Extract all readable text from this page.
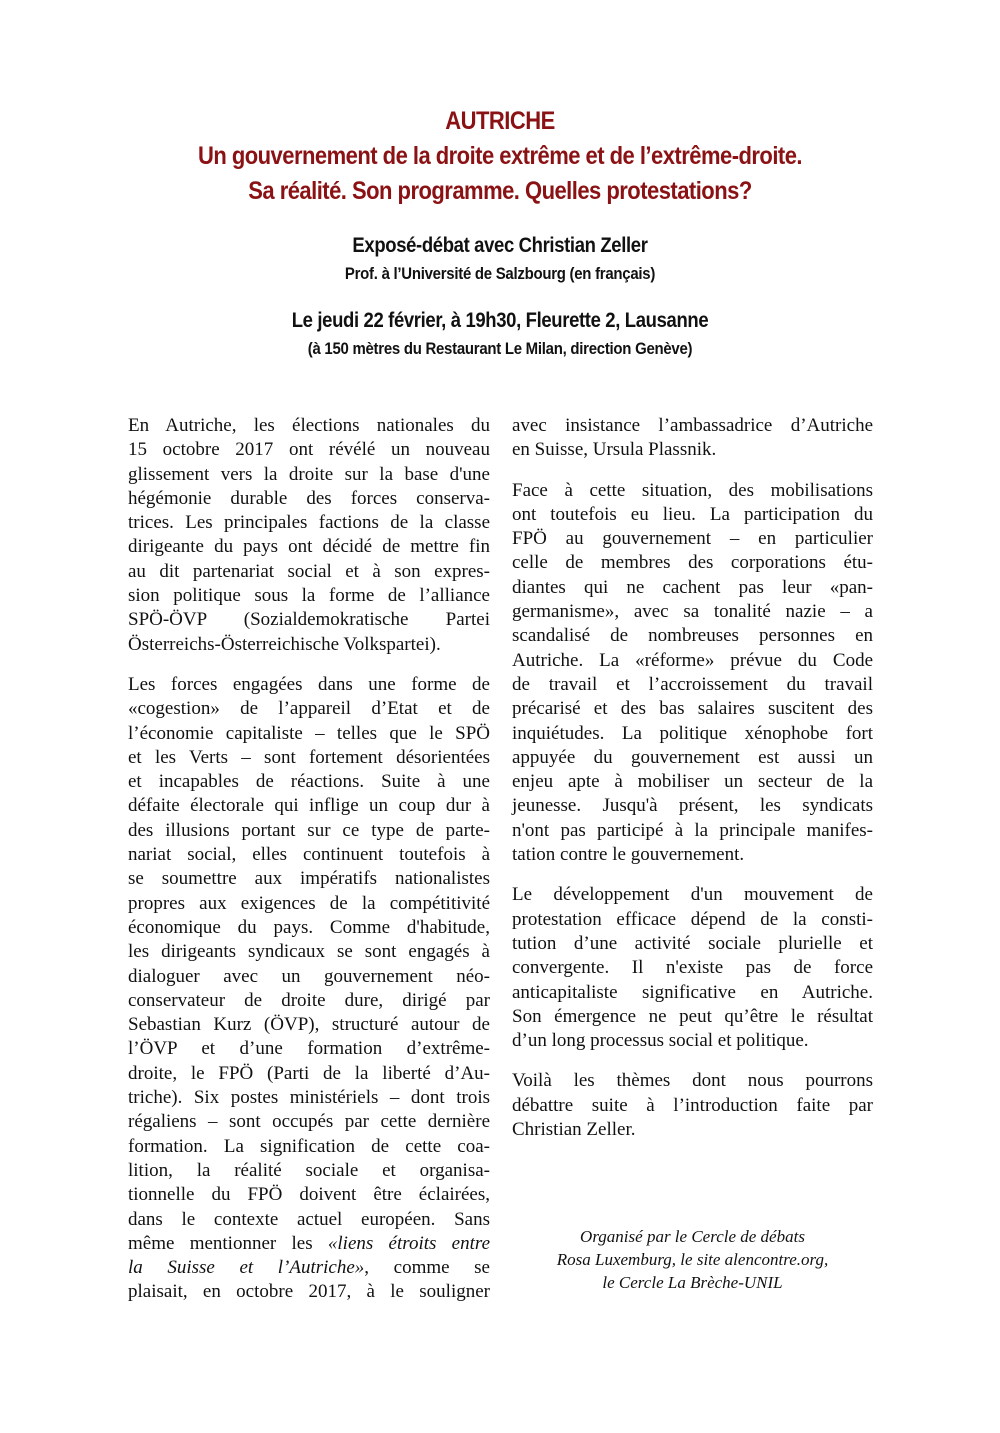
AUTRICHE
Un gouvernement de la droite extrême et de l’extrême-droite.
Sa réalité. Son programme. Quelles protestations?
Exposé-débat avec Christian Zeller
Prof. à l’Université de Salzbourg (en français)
Le jeudi 22 février, à 19h30, Fleurette 2, Lausanne
(à 150 mètres du Restaurant Le Milan, direction Genève)

En Autriche, les élections nationales du
15 octobre 2017 ont révélé un nouveau
glissement vers la droite sur la base d'une
hégémonie durable des forces conserva-
trices. Les principales factions de la classe
dirigeante du pays ont décidé de mettre fin
au dit partenariat social et à son expres-
sion politique sous la forme de l’alliance
SPÖ-ÖVP (Sozialdemokratische Partei
Österreichs-Österreichische Volkspartei).

Les forces engagées dans une forme de
«cogestion» de l’appareil d’Etat et de
l’économie capitaliste – telles que le SPÖ
et les Verts – sont fortement désorientées
et incapables de réactions. Suite à une
défaite électorale qui inflige un coup dur à
des illusions portant sur ce type de parte-
nariat social, elles continuent toutefois à
se soumettre aux impératifs nationalistes
propres aux exigences de la compétitivité
économique du pays. Comme d'habitude,
les dirigeants syndicaux se sont engagés à
dialoguer avec un gouvernement néo-
conservateur de droite dure, dirigé par
Sebastian Kurz (ÖVP), structuré autour de
l’ÖVP et d’une formation d’extrême-
droite, le FPÖ (Parti de la liberté d’Au-
triche). Six postes ministériels – dont trois
régaliens – sont occupés par cette dernière
formation. La signification de cette coa-
lition, la réalité sociale et organisa-
tionnelle du FPÖ doivent être éclairées,
dans le contexte actuel européen. Sans
même mentionner les «liens étroits entre
la Suisse et l’Autriche», comme se
plaisait, en octobre 2017, à le souligner

avec insistance l’ambassadrice d’Autriche
en Suisse, Ursula Plassnik.

Face à cette situation, des mobilisations
ont toutefois eu lieu. La participation du
FPÖ au gouvernement – en particulier
celle de membres des corporations étu-
diantes qui ne cachent pas leur «pan-
germanisme», avec sa tonalité nazie – a
scandalisé de nombreuses personnes en
Autriche. La «réforme» prévue du Code
de travail et l’accroissement du travail
précarisé et des bas salaires suscitent des
inquiétudes. La politique xénophobe fort
appuyée du gouvernement est aussi un
enjeu apte à mobiliser un secteur de la
jeunesse. Jusqu'à présent, les syndicats
n'ont pas participé à la principale manifes-
tation contre le gouvernement.

Le développement d'un mouvement de
protestation efficace dépend de la consti-
tution d’une activité sociale plurielle et
convergente. Il n'existe pas de force
anticapitaliste significative en Autriche.
Son émergence ne peut qu’être le résultat
d’un long processus social et politique.

Voilà les thèmes dont nous pourrons
débattre suite à l’introduction faite par
Christian Zeller.

Organisé par le Cercle de débats
Rosa Luxemburg, le site alencontre.org,
le Cercle La Brèche-UNIL
